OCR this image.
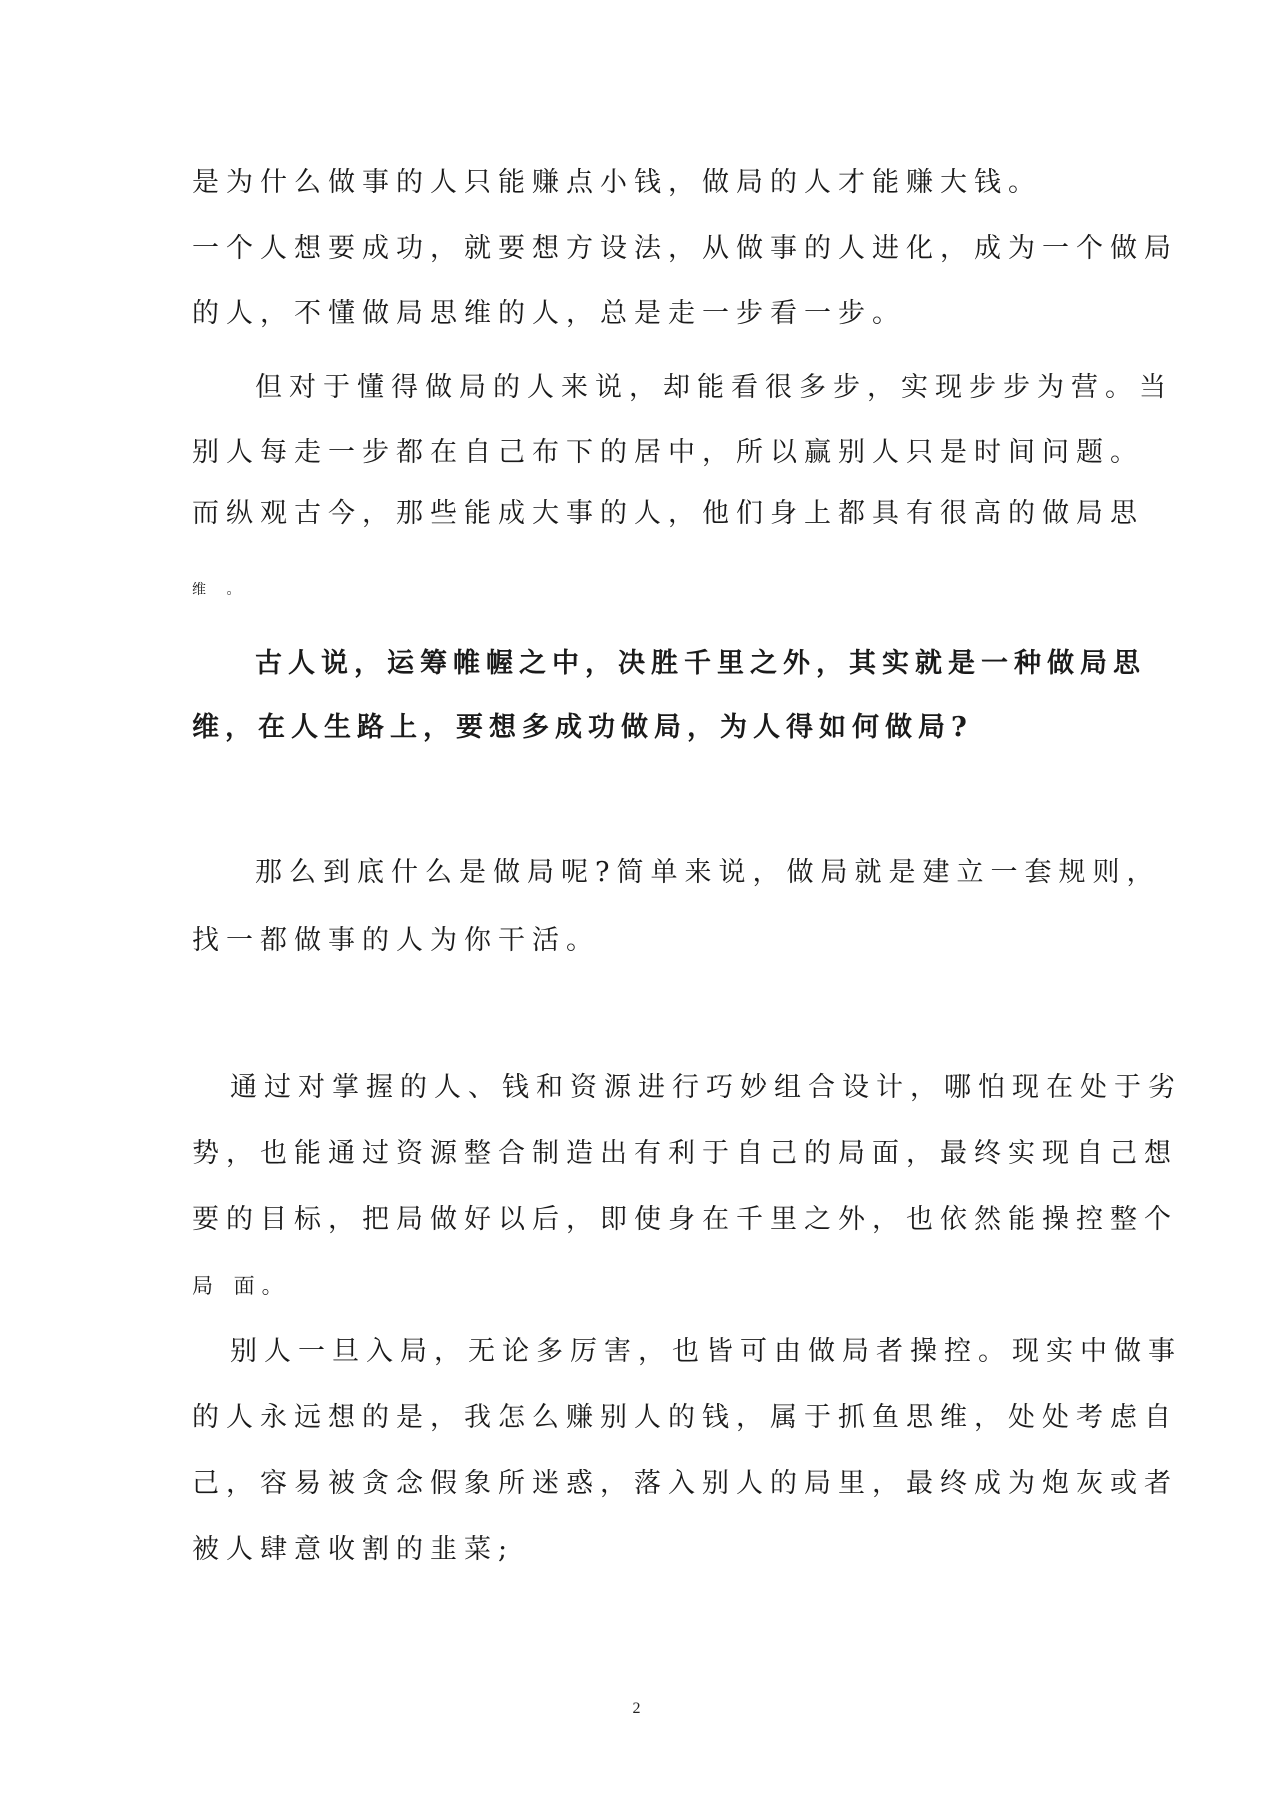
是为什么做事的人只能赚点小钱，做局的人才能赚大钱。
一个人想要成功，就要想方设法，从做事的人进化，成为一个做局
的人，不懂做局思维的人，总是走一步看一步。
但对于懂得做局的人来说，却能看很多步，实现步步为营。当
别人每走一步都在自己布下的居中，所以赢别人只是时间问题。
而纵观古今，那些能成大事的人，他们身上都具有很高的做局思
维 。
古人说，运筹帷幄之中，决胜千里之外，其实就是一种做局思
维，在人生路上，要想多成功做局，为人得如何做局?
那么到底什么是做局呢?简单来说，做局就是建立一套规则，
找一都做事的人为你干活。
通过对掌握的人、钱和资源进行巧妙组合设计，哪怕现在处于劣
势，也能通过资源整合制造出有利于自己的局面，最终实现自己想
要的目标，把局做好以后，即使身在千里之外，也依然能操控整个
局 面。
别人一旦入局，无论多厉害，也皆可由做局者操控。现实中做事
的人永远想的是，我怎么赚别人的钱，属于抓鱼思维，处处考虑自
己，容易被贪念假象所迷惑，落入别人的局里，最终成为炮灰或者
被人肆意收割的韭菜;
2
